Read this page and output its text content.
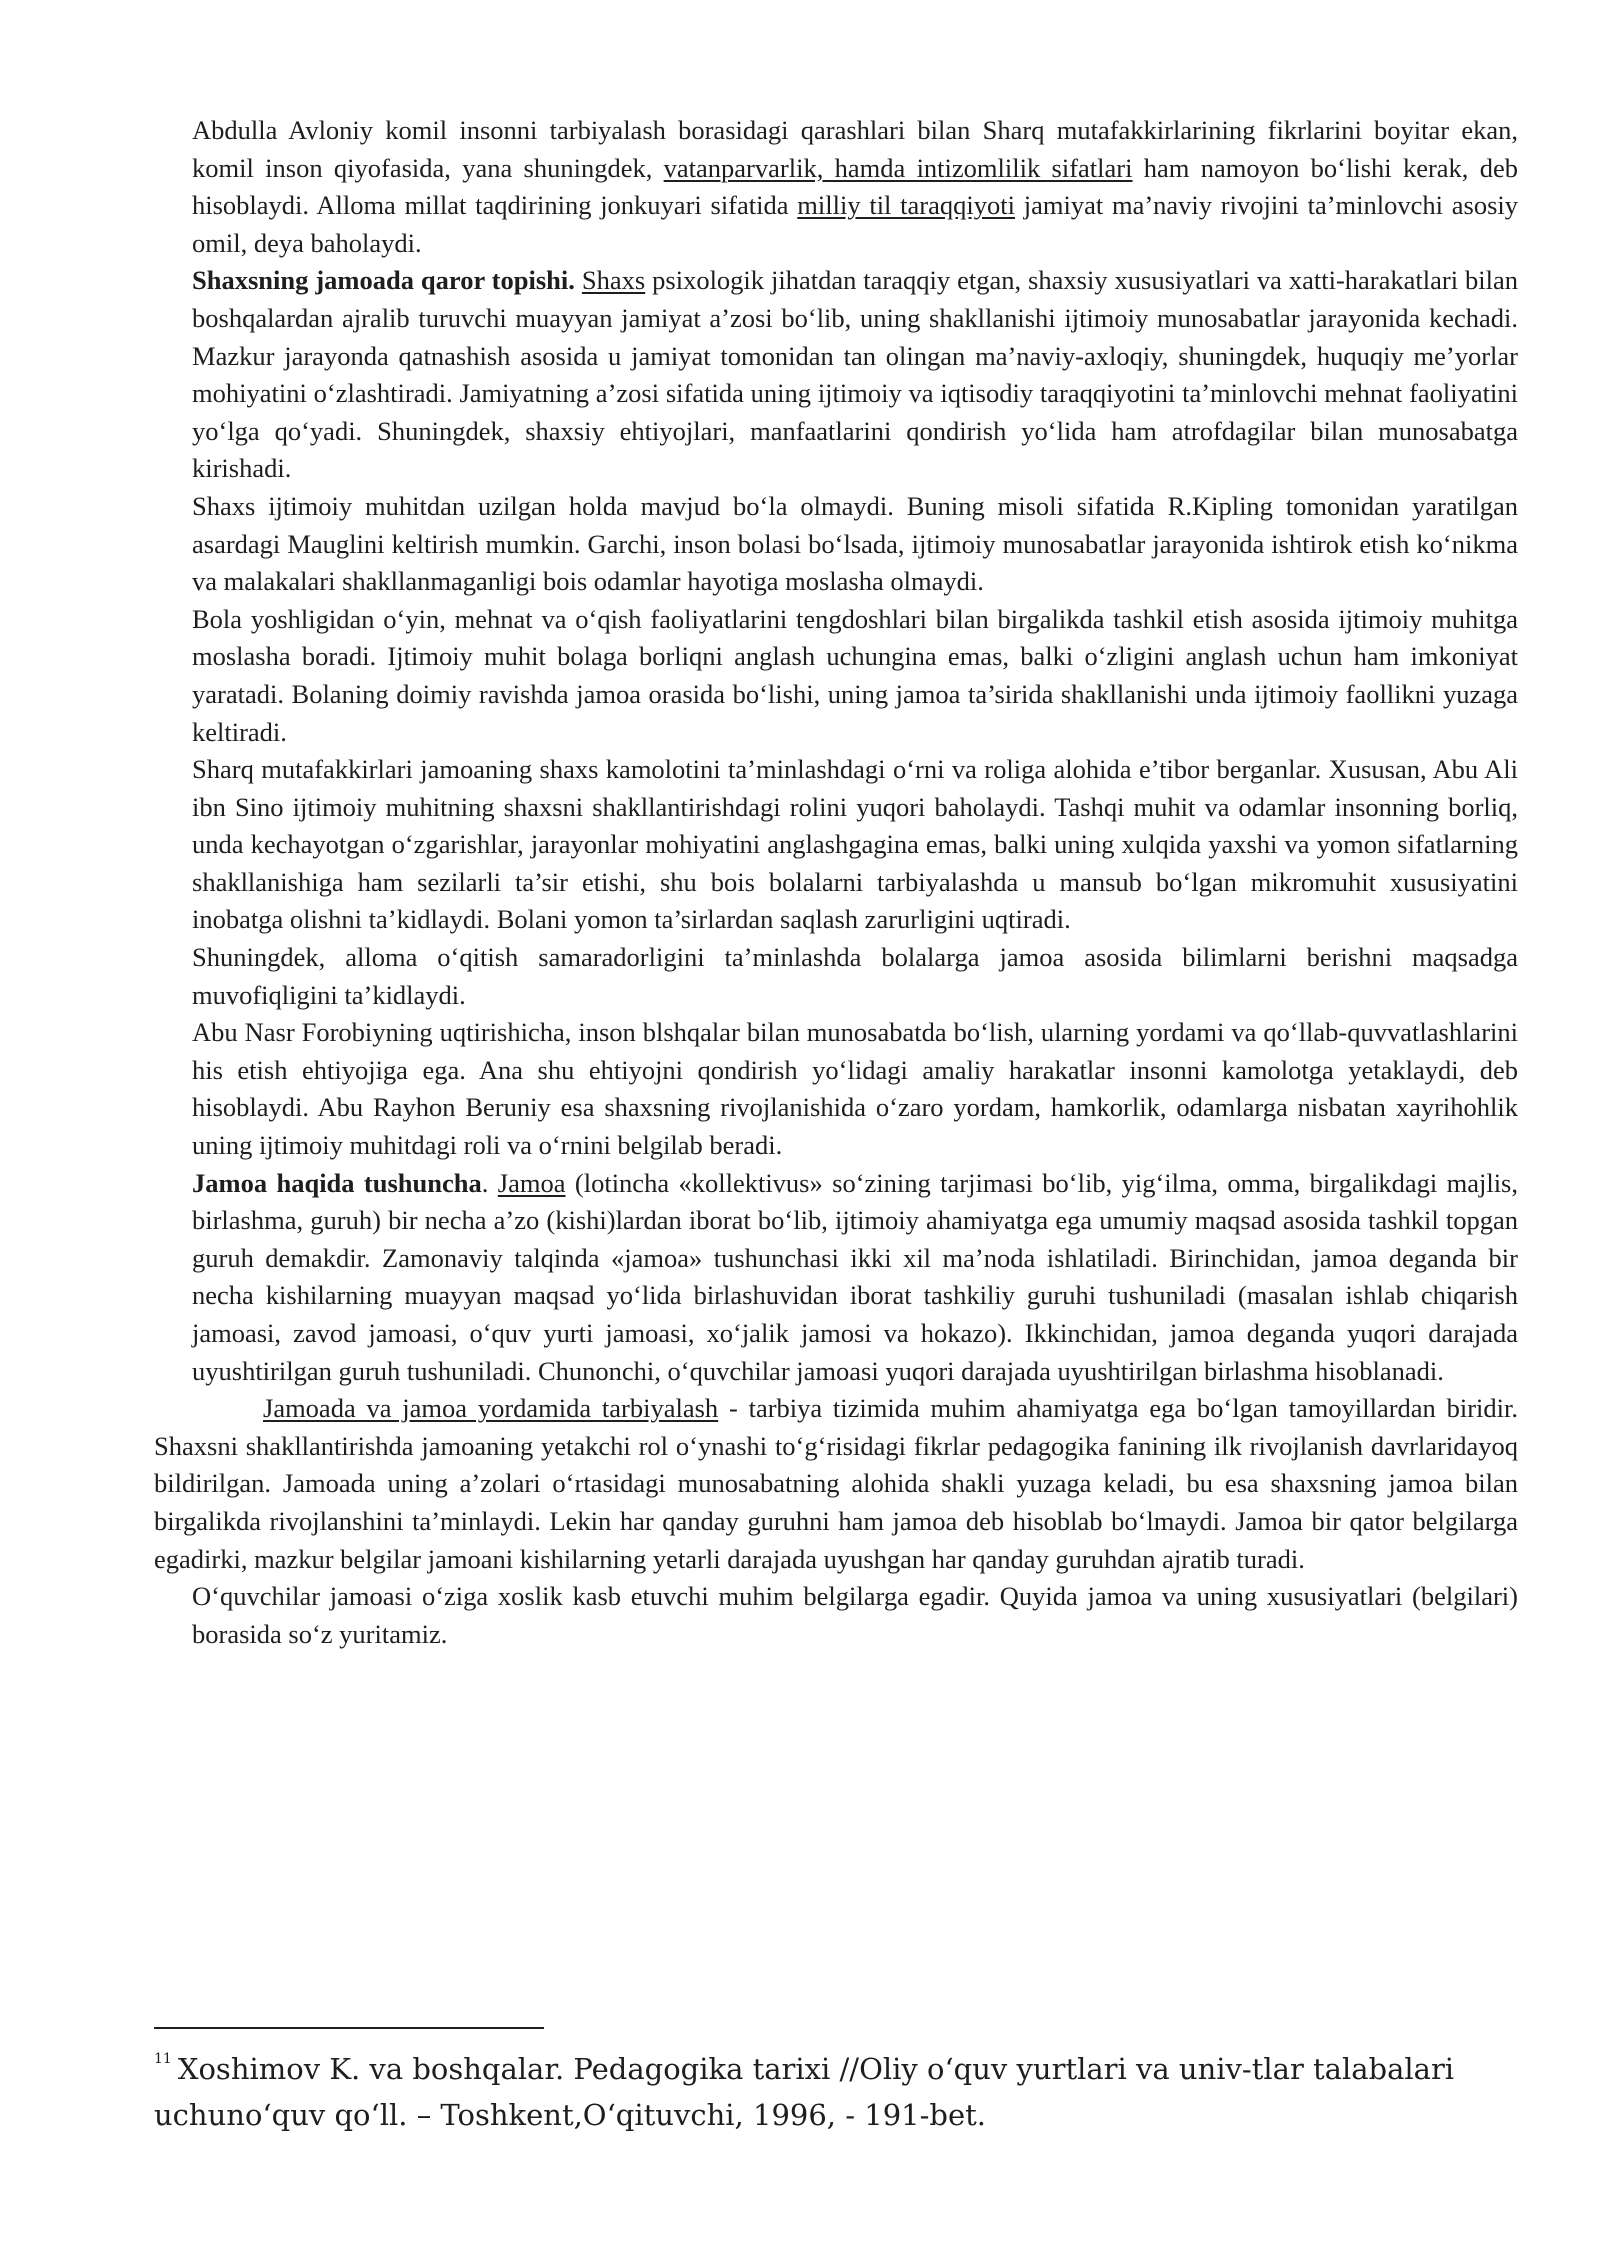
Abdulla Avloniy komil insonni tarbiyalash borasidagi qarashlari bilan Sharq mutafakkirlarining fikrlarini boyitar ekan, komil inson qiyofasida, yana shuningdek, vatanparvarlik, hamda intizomlilik sifatlari ham namoyon bo‘lishi kerak, deb hisoblaydi. Alloma millat taqdirining jonkuyari sifatida milliy til taraqqiyoti jamiyat ma’naviy rivojini ta’minlovchi asosiy omil, deya baholaydi.

Shaxsning jamoada qaror topishi. Shaxs psixologik jihatdan taraqqiy etgan, shaxsiy xususiyatlari va xatti-harakatlari bilan boshqalardan ajralib turuvchi muayyan jamiyat a’zosi bo‘lib, uning shakllanishi ijtimoiy munosabatlar jarayonida kechadi. Mazkur jarayonda qatnashish asosida u jamiyat tomonidan tan olingan ma’naviy-axloqiy, shuningdek, huquqiy me’yorlar mohiyatini o‘zlashtiradi. Jamiyatning a’zosi sifatida uning ijtimoiy va iqtisodiy taraqqiyotini ta’minlovchi mehnat faoliyatini yo‘lga qo‘yadi. Shuningdek, shaxsiy ehtiyojlari, manfaatlarini qondirish yo‘lida ham atrofdagilar bilan munosabatga kirishadi.

Shaxs ijtimoiy muhitdan uzilgan holda mavjud bo‘la olmaydi. Buning misoli sifatida R.Kipling tomonidan yaratilgan asardagi Mauglini keltirish mumkin. Garchi, inson bolasi bo‘lsada, ijtimoiy munosabatlar jarayonida ishtirok etish ko‘nikma va malakalari shakllanmaganligi bois odamlar hayotiga moslasha olmaydi.

Bola yoshligidan o‘yin, mehnat va o‘qish faoliyatlarini tengdoshlari bilan birgalikda tashkil etish asosida ijtimoiy muhitga moslasha boradi. Ijtimoiy muhit bolaga borliqni anglash uchungina emas, balki o‘zligini anglash uchun ham imkoniyat yaratadi. Bolaning doimiy ravishda jamoa orasida bo‘lishi, uning jamoa ta’sirida shakllanishi unda ijtimoiy faollikni yuzaga keltiradi.

Sharq mutafakkirlari jamoaning shaxs kamolotini ta’minlashdagi o‘rni va roliga alohida e’tibor berganlar. Xususan, Abu Ali ibn Sino ijtimoiy muhitning shaxsni shakllantirishdagi rolini yuqori baholaydi. Tashqi muhit va odamlar insonning borliq, unda kechayotgan o‘zgarishlar, jarayonlar mohiyatini anglashgagina emas, balki uning xulqida yaxshi va yomon sifatlarning shakllanishiga ham sezilarli ta’sir etishi, shu bois bolalarni tarbiyalashda u mansub bo‘lgan mikromuhit xususiyatini inobatga olishni ta’kidlaydi. Bolani yomon ta’sirlardan saqlash zarurligini uqtiradi.

Shuningdek, alloma o‘qitish samaradorligini ta’minlashda bolalarga jamoa asosida bilimlarni berishni maqsadga muvofiqligini ta’kidlaydi.

Abu Nasr Forobiyning uqtirishicha, inson blshqalar bilan munosabatda bo‘lish, ularning yordami va qo‘llab-quvvatlashlarini his etish ehtiyojiga ega. Ana shu ehtiyojni qondirish yo‘lidagi amaliy harakatlar insonni kamolotga yetaklaydi, deb hisoblaydi. Abu Rayhon Beruniy esa shaxsning rivojlanishida o‘zaro yordam, hamkorlik, odamlarga nisbatan xayrihohlik uning ijtimoiy muhitdagi roli va o‘rnini belgilab beradi.

Jamoa haqida tushuncha. Jamoa (lotincha «kollektivus» so‘zining tarjimasi bo‘lib, yig‘ilma, omma, birgalikdagi majlis, birlashma, guruh) bir necha a’zo (kishi)lardan iborat bo‘lib, ijtimoiy ahamiyatga ega umumiy maqsad asosida tashkil topgan guruh demakdir. Zamonaviy talqinda «jamoa» tushunchasi ikki xil ma’noda ishlatiladi. Birinchidan, jamoa deganda bir necha kishilarning muayyan maqsad yo‘lida birlashuvidan iborat tashkiliy guruhi tushuniladi (masalan ishlab chiqarish jamoasi, zavod jamoasi, o‘quv yurti jamoasi, xo‘jalik jamosi va hokazo). Ikkinchidan, jamoa deganda yuqori darajada uyushtirilgan guruh tushuniladi. Chunonchi, o‘quvchilar jamoasi yuqori darajada uyushtirilgan birlashma hisoblanadi.

Jamoada va jamoa yordamida tarbiyalash - tarbiya tizimida muhim ahamiyatga ega bo‘lgan tamoyillardan biridir. Shaxsni shakllantirishda jamoaning yetakchi rol o‘ynashi to‘g‘risidagi fikrlar pedagogika fanining ilk rivojlanish davrlaridayoq bildirilgan. Jamoada uning a’zolari o‘rtasidagi munosabatning alohida shakli yuzaga keladi, bu esa shaxsning jamoa bilan birgalikda rivojlanshini ta’minlaydi. Lekin har qanday guruhni ham jamoa deb hisoblab bo‘lmaydi. Jamoa bir qator belgilarga egadirki, mazkur belgilar jamoani kishilarning yetarli darajada uyushgan har qanday guruhdan ajratib turadi.

O‘quvchilar jamoasi o‘ziga xoslik kasb etuvchi muhim belgilarga egadir. Quyida jamoa va uning xususiyatlari (belgilari) borasida so‘z yuritamiz.

$^{11}$ Xoshimov K. va boshqalar. Pedagogika tarixi //Oliy o‘quv yurtlari va univ-tlar talabalari uchuno‘quv qo‘ll. – Toshkent,O‘qituvchi, 1996, - 191-bet.
